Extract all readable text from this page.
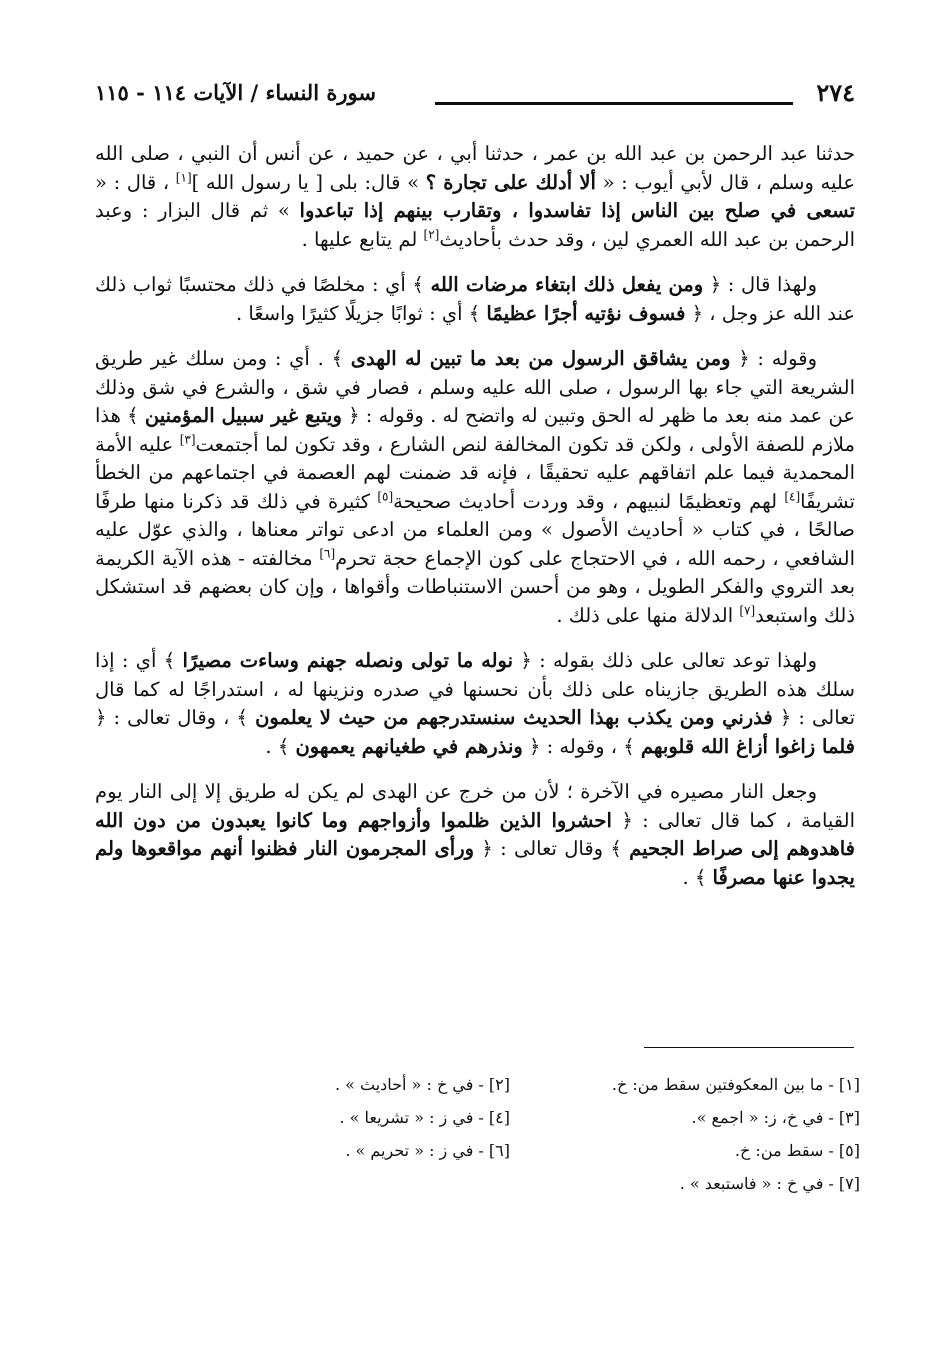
٢٧٤
سورة النساء / الآيات ١١٤ - ١١٥

حدثنا عبد الرحمن بن عبد الله بن عمر ، حدثنا أبي ، عن حميد ، عن أنس أن النبي ، صلى الله عليه وسلم ، قال لأبي أيوب : « ألا أدلك على تجارة ؟ » قال: بلى [ يا رسول الله ][١] ، قال : « تسعى في صلح بين الناس إذا تفاسدوا ، وتقارب بينهم إذا تباعدوا » ثم قال البزار : وعبد الرحمن بن عبد الله العمري لين ، وقد حدث بأحاديث[٢] لم يتابع عليها .

ولهذا قال : ﴿ ومن يفعل ذلك ابتغاء مرضات الله ﴾ أي : مخلصًا في ذلك محتسبًا ثواب ذلك عند الله عز وجل ، ﴿ فسوف نؤتيه أجرًا عظيمًا ﴾ أي : ثوابًا جزيلًا كثيرًا واسعًا .

وقوله : ﴿ ومن يشاقق الرسول من بعد ما تبين له الهدى ﴾ . أي : ومن سلك غير طريق الشريعة التي جاء بها الرسول ، صلى الله عليه وسلم ، فصار في شق ، والشرع في شق وذلك عن عمد منه بعد ما ظهر له الحق وتبين له واتضح له . وقوله : ﴿ ويتبع غير سبيل المؤمنين ﴾ هذا ملازم للصفة الأولى ، ولكن قد تكون المخالفة لنص الشارع ، وقد تكون لما أجتمعت[٣] عليه الأمة المحمدية فيما علم اتفاقهم عليه تحقيقًا ، فإنه قد ضمنت لهم العصمة في اجتماعهم من الخطأ تشريفًا[٤] لهم وتعظيمًا لنبيهم ، وقد وردت أحاديث صحيحة[٥] كثيرة في ذلك قد ذكرنا منها طرفًا صالحًا ، في كتاب « أحاديث الأصول » ومن العلماء من ادعى تواتر معناها ، والذي عوّل عليه الشافعي ، رحمه الله ، في الاحتجاج على كون الإجماع حجة تحرم[٦] مخالفته - هذه الآية الكريمة بعد التروي والفكر الطويل ، وهو من أحسن الاستنباطات وأقواها ، وإن كان بعضهم قد استشكل ذلك واستبعد[٧] الدلالة منها على ذلك .

ولهذا توعد تعالى على ذلك بقوله : ﴿ نوله ما تولى ونصله جهنم وساءت مصيرًا ﴾ أي : إذا سلك هذه الطريق جازيناه على ذلك بأن نحسنها في صدره ونزينها له ، استدراجًا له كما قال تعالى : ﴿ فذرني ومن يكذب بهذا الحديث سنستدرجهم من حيث لا يعلمون ﴾ ، وقال تعالى : ﴿ فلما زاغوا أزاغ الله قلوبهم ﴾ ، وقوله : ﴿ ونذرهم في طغيانهم يعمهون ﴾ .

وجعل النار مصيره في الآخرة ؛ لأن من خرج عن الهدى لم يكن له طريق إلا إلى النار يوم القيامة ، كما قال تعالى : ﴿ احشروا الذين ظلموا وأزواجهم وما كانوا يعبدون من دون الله فاهدوهم إلى صراط الجحيم ﴾ وقال تعالى : ﴿ ورأى المجرمون النار فظنوا أنهم مواقعوها ولم يجدوا عنها مصرفًا ﴾ .

[١] - ما بين المعكوفتين سقط من: خ.
[٢] - في خ : « أحاديث » .
[٣] - في خ، ز: « اجمع ».
[٤] - في ز : « تشريعا » .
[٥] - سقط من: خ.
[٦] - في ز : « تحريم » .
[٧] - في خ : « فاستبعد » .
